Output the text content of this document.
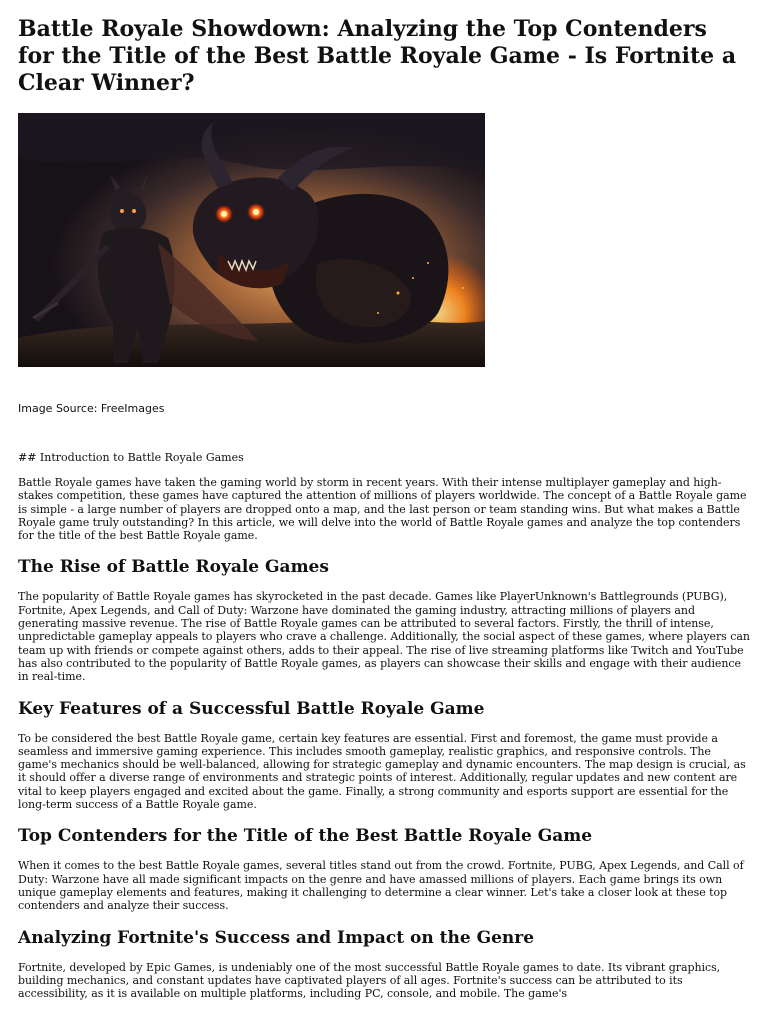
Battle Royale Showdown: Analyzing the Top Contenders for the Title of the Best Battle Royale Game - Is Fortnite a Clear Winner?

Image Source: FreeImages

## Introduction to Battle Royale Games

Battle Royale games have taken the gaming world by storm in recent years. With their intense multiplayer gameplay and high-stakes competition, these games have captured the attention of millions of players worldwide. The concept of a Battle Royale game is simple - a large number of players are dropped onto a map, and the last person or team standing wins. But what makes a Battle Royale game truly outstanding? In this article, we will delve into the world of Battle Royale games and analyze the top contenders for the title of the best Battle Royale game.

The Rise of Battle Royale Games

The popularity of Battle Royale games has skyrocketed in the past decade. Games like PlayerUnknown's Battlegrounds (PUBG), Fortnite, Apex Legends, and Call of Duty: Warzone have dominated the gaming industry, attracting millions of players and generating massive revenue. The rise of Battle Royale games can be attributed to several factors. Firstly, the thrill of intense, unpredictable gameplay appeals to players who crave a challenge. Additionally, the social aspect of these games, where players can team up with friends or compete against others, adds to their appeal. The rise of live streaming platforms like Twitch and YouTube has also contributed to the popularity of Battle Royale games, as players can showcase their skills and engage with their audience in real-time.

Key Features of a Successful Battle Royale Game

To be considered the best Battle Royale game, certain key features are essential. First and foremost, the game must provide a seamless and immersive gaming experience. This includes smooth gameplay, realistic graphics, and responsive controls. The game's mechanics should be well-balanced, allowing for strategic gameplay and dynamic encounters. The map design is crucial, as it should offer a diverse range of environments and strategic points of interest. Additionally, regular updates and new content are vital to keep players engaged and excited about the game. Finally, a strong community and esports support are essential for the long-term success of a Battle Royale game.

Top Contenders for the Title of the Best Battle Royale Game

When it comes to the best Battle Royale games, several titles stand out from the crowd. Fortnite, PUBG, Apex Legends, and Call of Duty: Warzone have all made significant impacts on the genre and have amassed millions of players. Each game brings its own unique gameplay elements and features, making it challenging to determine a clear winner. Let's take a closer look at these top contenders and analyze their success.

Analyzing Fortnite's Success and Impact on the Genre

Fortnite, developed by Epic Games, is undeniably one of the most successful Battle Royale games to date. Its vibrant graphics, building mechanics, and constant updates have captivated players of all ages. Fortnite's success can be attributed to its accessibility, as it is available on multiple platforms, including PC, console, and mobile. The game's
